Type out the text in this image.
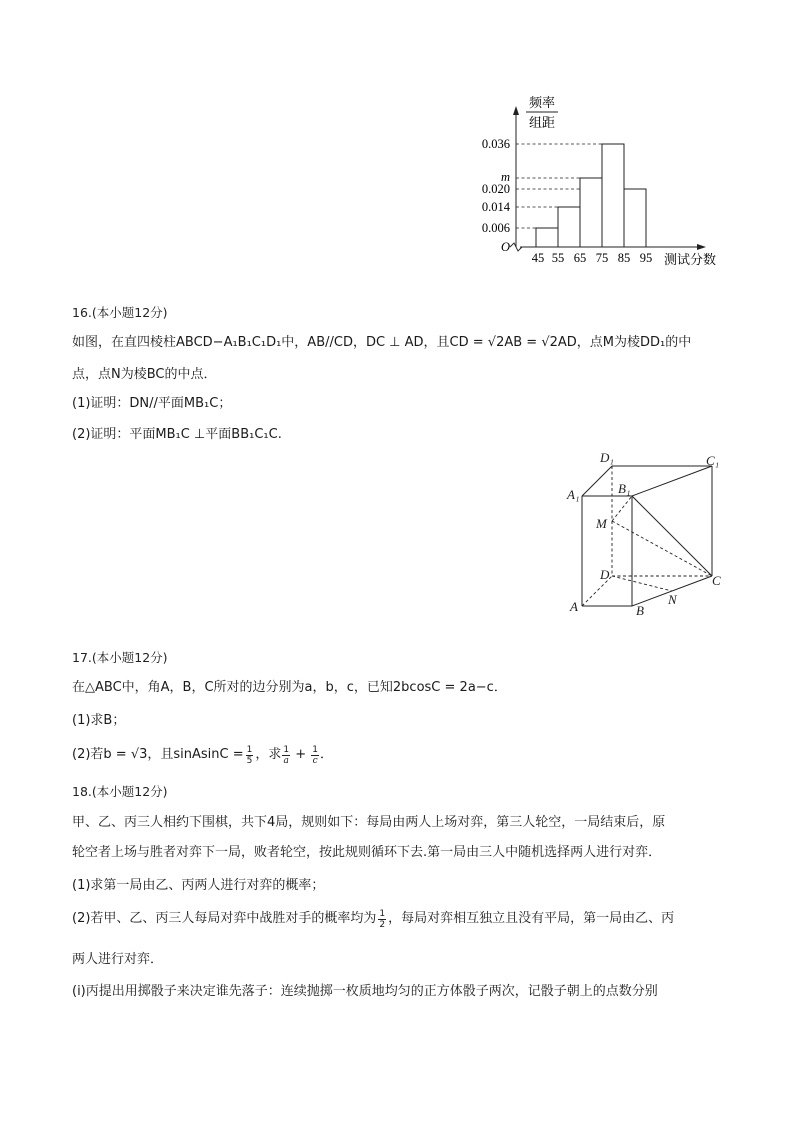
频率
组距
0.036
m
0.020
0.014
0.006
O
45 55 65 75 85 95 测试分数
16.(本小题12分)
如图，在直四棱柱ABCD−A₁B₁C₁D₁中，AB//CD，DC ⊥ AD，且CD = √2AB = √2AD，点M为棱DD₁的中
点，点N为棱BC的中点．
(1)证明：DN//平面MB₁C；
(2)证明：平面MB₁C ⊥平面BB₁C₁C.
D₁	C₁
A₁	B₁
M
D	C
N
A	B
17.(本小题12分)
在△ABC中，角A，B，C所对的边分别为a，b，c，已知2bcosC = 2a−c．
(1)求B；
(2)若b = √3，且sinAsinC = $\frac{1}{5}$ ，求 $\frac{1}{a} + \frac{1}{c}$ ．
18.(本小题12分)
甲、乙、丙三人相约下围棋，共下4局，规则如下：每局由两人上场对弈，第三人轮空，一局结束后，原
轮空者上场与胜者对弈下一局，败者轮空，按此规则循环下去.第一局由三人中随机选择两人进行对弈．
(1)求第一局由乙、丙两人进行对弈的概率；
(2)若甲、乙、丙三人每局对弈中战胜对手的概率均为 $\frac{1}{2}$ ，每局对弈相互独立且没有平局，第一局由乙、丙
两人进行对弈．
(ⅰ)丙提出用掷骰子来决定谁先落子：连续抛掷一枚质地均匀的正方体骰子两次，记骰子朝上的点数分别
